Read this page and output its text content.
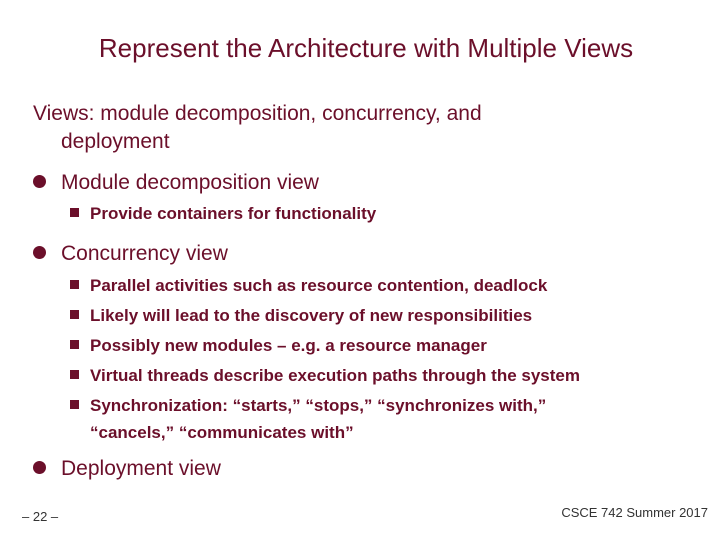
Represent the Architecture with Multiple Views
Views: module decomposition, concurrency, and
deployment
Module decomposition view
Provide containers for functionality
Concurrency view
Parallel activities such as resource contention, deadlock
Likely will lead to the discovery of new responsibilities
Possibly new modules – e.g. a resource manager
Virtual threads describe execution paths through the system
Synchronization: “starts,” “stops,” “synchronizes with,”
“cancels,” “communicates with”
Deployment view
– 22 –	CSCE 742 Summer 2017
